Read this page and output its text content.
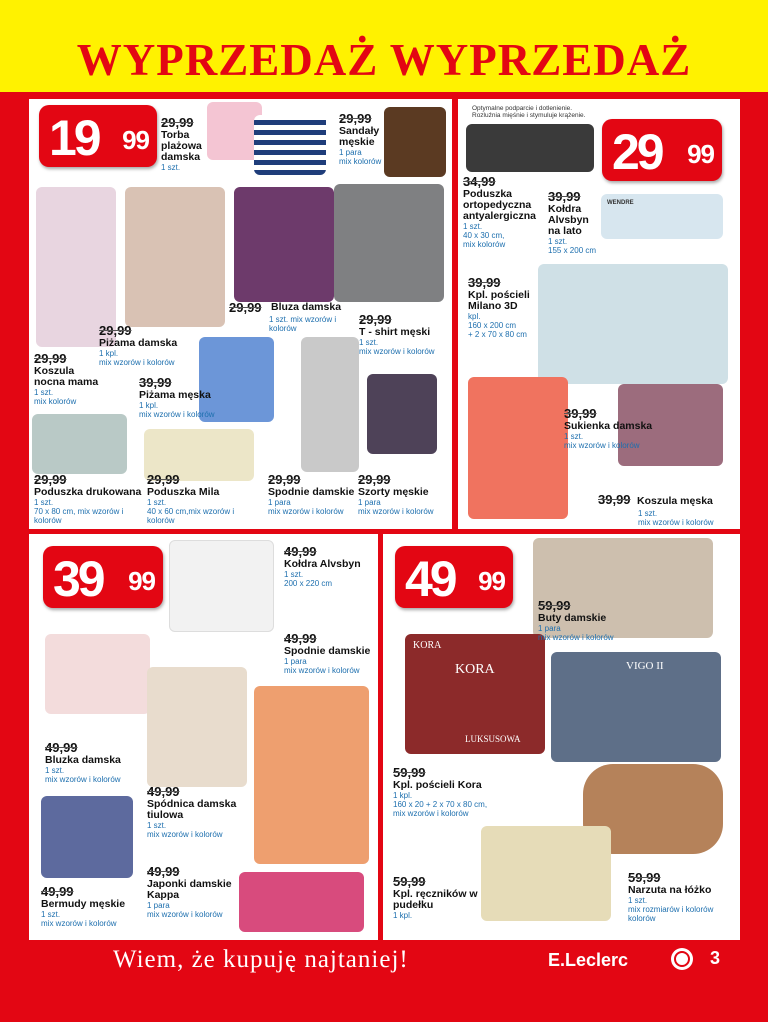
WYPRZEDAŻ WYPRZEDAŻ
19 99
29,99
Torba plażowa damska
1 szt.
29,99
Sandały męskie
1 para
mix kolorów
29,99 Bluza damska
1 szt. mix wzorów i kolorów
29,99
T - shirt męski
1 szt.
mix wzorów i kolorów
29,99
Piżama damska
1 kpl.
mix wzorów i kolorów
29,99
Koszula nocna mama
1 szt.
mix kolorów
39,99
Piżama męska
1 kpl.
mix wzorów i kolorów
29,99
Poduszka drukowana
1 szt.
70 x 80 cm, mix wzorów i kolorów
29,99
Poduszka Mila
1 szt.
40 x 60 cm,mix wzorów i kolorów
29,99
Spodnie damskie
1 para
mix wzorów i kolorów
29,99
Szorty męskie
1 para
mix wzorów i kolorów
Optymalne podparcie i dotlenienie.
Rozluźnia mięśnie i stymuluje krążenie.
29 99
WENDRE
34,99
Poduszka ortopedyczna antyalergiczna
1 szt.
40 x 30 cm,
mix kolorów
39,99
Kołdra Alvsbyn na lato
1 szt.
155 x 200 cm
39,99
Kpl. pościeli Milano 3D
kpl.
160 x 200 cm
+ 2 x 70 x 80 cm
39,99
Sukienka damska
1 szt.
mix wzorów i kolorów
39,99 Koszula męska
1 szt.
mix wzorów i kolorów
39 99
49,99
Kołdra Alvsbyn
1 szt.
200 x 220 cm
49,99
Spodnie damskie
1 para
mix wzorów i kolorów
49,99
Bluzka damska
1 szt.
mix wzorów i kolorów
49,99
Spódnica damska tiulowa
1 szt.
mix wzorów i kolorów
49,99
Bermudy męskie
1 szt.
mix wzorów i kolorów
49,99
Japonki damskie Kappa
1 para
mix wzorów i kolorów
49 99
KORA
KORA
LUKSUSOWA
VIGO II
59,99
Buty damskie
1 para
mix wzorów i kolorów
59,99
Kpl. pościeli Kora
1 kpl.
160 x 20 + 2 x 70 x 80 cm,
mix wzorów i kolorów
59,99
Kpl. ręczników w pudełku
1 kpl.
59,99
Narzuta na łóżko
1 szt.
mix rozmiarów i kolorów
kolorów
Wiem, że kupuję najtaniej!	E.Leclerc	3
